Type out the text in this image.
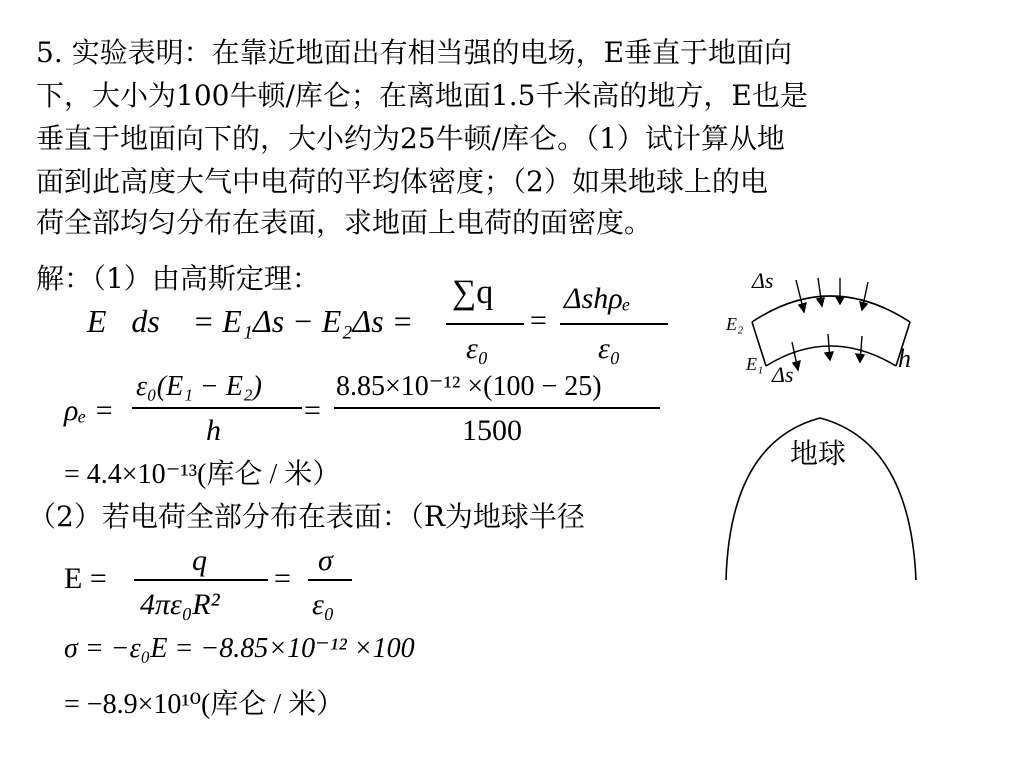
5. 实验表明：在靠近地面出有相当强的电场，E垂直于地面向
下，大小为100牛顿/库仑；在离地面1.5千米高的地方，E也是
垂直于地面向下的，大小约为25牛顿/库仑。（1）试计算从地
面到此高度大气中电荷的平均体密度；（2）如果地球上的电
荷全部均匀分布在表面，求地面上电荷的面密度。
解：（1）由高斯定理：
∯E⃗ds⃗ = E₁Δs − E₂Δs =
∑q
ε₀
=
Δshρₑ
ε₀
ρₑ =
ε₀(E₁ − E₂)
h
=
8.85×10⁻¹² ×(100 − 25)
1500
= 4.4×10⁻¹³(库仑 / 米）
（2）若电荷全部分布在表面：（R为地球半径
E =
q
4πε₀R²
=
σ
ε₀
σ = −ε₀E = −8.85×10⁻¹² ×100
= −8.9×10¹⁰(库仑 / 米）
Δs
E₂
E₁ Δs
h
地球
